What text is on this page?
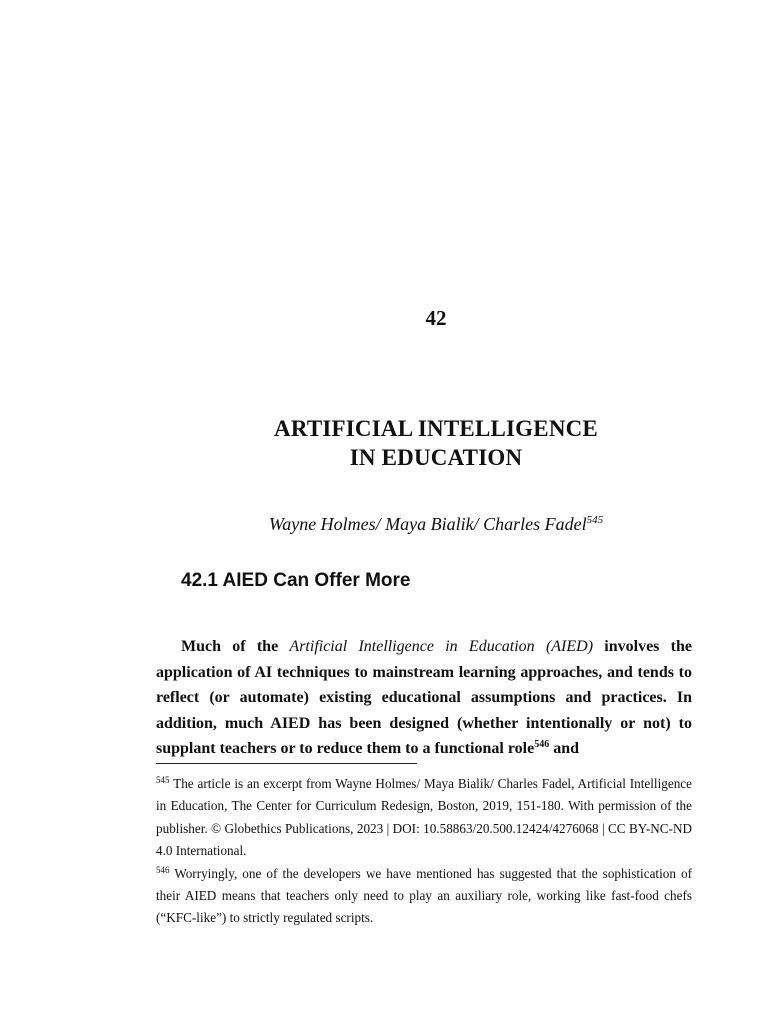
42
ARTIFICIAL INTELLIGENCE
IN EDUCATION
Wayne Holmes/ Maya Bialik/ Charles Fadel$^{545}$
42.1 AIED Can Offer More

Much of the Artificial Intelligence in Education (AIED) involves the application of AI techniques to mainstream learning approaches, and tends to reflect (or automate) existing educational assumptions and practices. In addition, much AIED has been designed (whether intentionally or not) to supplant teachers or to reduce them to a functional role$^{546}$ and

$^{545}$ The article is an excerpt from Wayne Holmes/ Maya Bialik/ Charles Fadel, Artificial Intelligence in Education, The Center for Curriculum Redesign, Boston, 2019, 151-180. With permission of the publisher. © Globethics Publications, 2023 | DOI: 10.58863/20.500.12424/4276068 | CC BY-NC-ND 4.0 International.

$^{546}$ Worryingly, one of the developers we have mentioned has suggested that the sophistication of their AIED means that teachers only need to play an auxiliary role, working like fast-food chefs (“KFC-like”) to strictly regulated scripts.
